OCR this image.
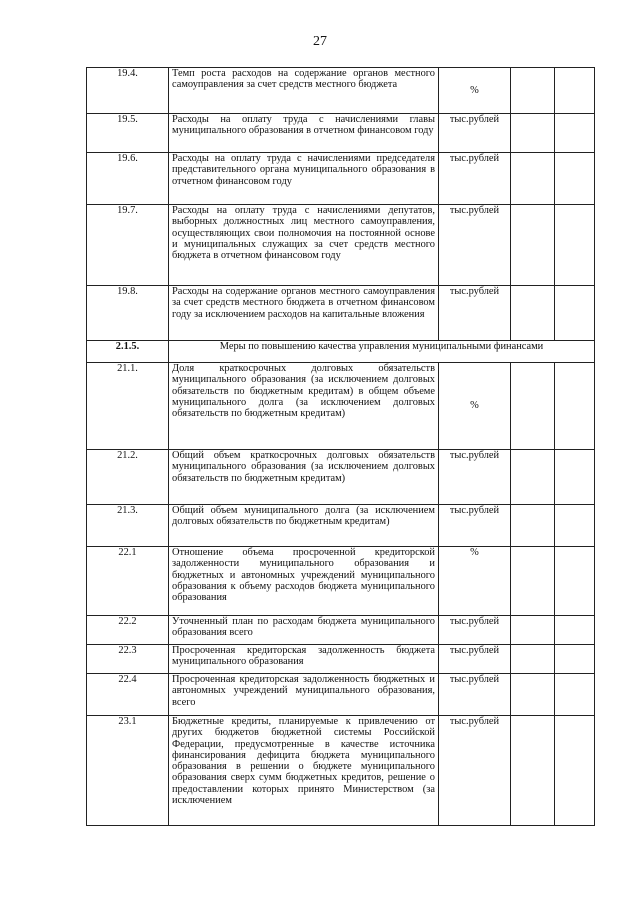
27
19.4.	Темп роста расходов на содержание органов местного самоуправления за счет средств местного бюджета	%		
19.5.	Расходы на оплату труда с начислениями главы муниципального образования в отчетном финансовом году	тыс.рублей		
19.6.	Расходы на оплату труда с начислениями председателя представительного органа муниципального образования в отчетном финансовом году	тыс.рублей		
19.7.	Расходы на оплату труда с начислениями депутатов, выборных должностных лиц местного самоуправления, осуществляющих свои полномочия на постоянной основе и муниципальных служащих за счет средств местного бюджета в отчетном финансовом году	тыс.рублей		
19.8.	Расходы на содержание органов местного самоуправления за счет средств местного бюджета в отчетном финансовом году за исключением расходов на капитальные вложения	тыс.рублей		
2.1.5.	Меры по повышению качества управления муниципальными финансами			
21.1.	Доля краткосрочных долговых обязательств муниципального образования (за исключением долговых обязательств по бюджетным кредитам) в общем объеме муниципального долга (за исключением долговых обязательств по бюджетным кредитам)	%		
21.2.	Общий объем краткосрочных долговых обязательств муниципального образования (за исключением долговых обязательств по бюджетным кредитам)	тыс.рублей		
21.3.	Общий объем муниципального долга (за исключением долговых обязательств по бюджетным кредитам)	тыс.рублей		
22.1	Отношение объема просроченной кредиторской задолженности муниципального образования и бюджетных и автономных учреждений муниципального образования к объему расходов бюджета муниципального образования	%		
22.2	Уточненный план по расходам бюджета муниципального образования всего	тыс.рублей		
22.3	Просроченная кредиторская задолженность бюджета муниципального образования	тыс.рублей		
22.4	Просроченная кредиторская задолженность бюджетных и автономных учреждений муниципального образования, всего	тыс.рублей		
23.1	Бюджетные кредиты, планируемые к привлечению от других бюджетов бюджетной системы Российской Федерации, предусмотренные в качестве источника финансирования дефицита бюджета муниципального образования в решении о бюджете муниципального образования сверх сумм бюджетных кредитов, решение о предоставлении которых принято Министерством (за исключением	тыс.рублей		
